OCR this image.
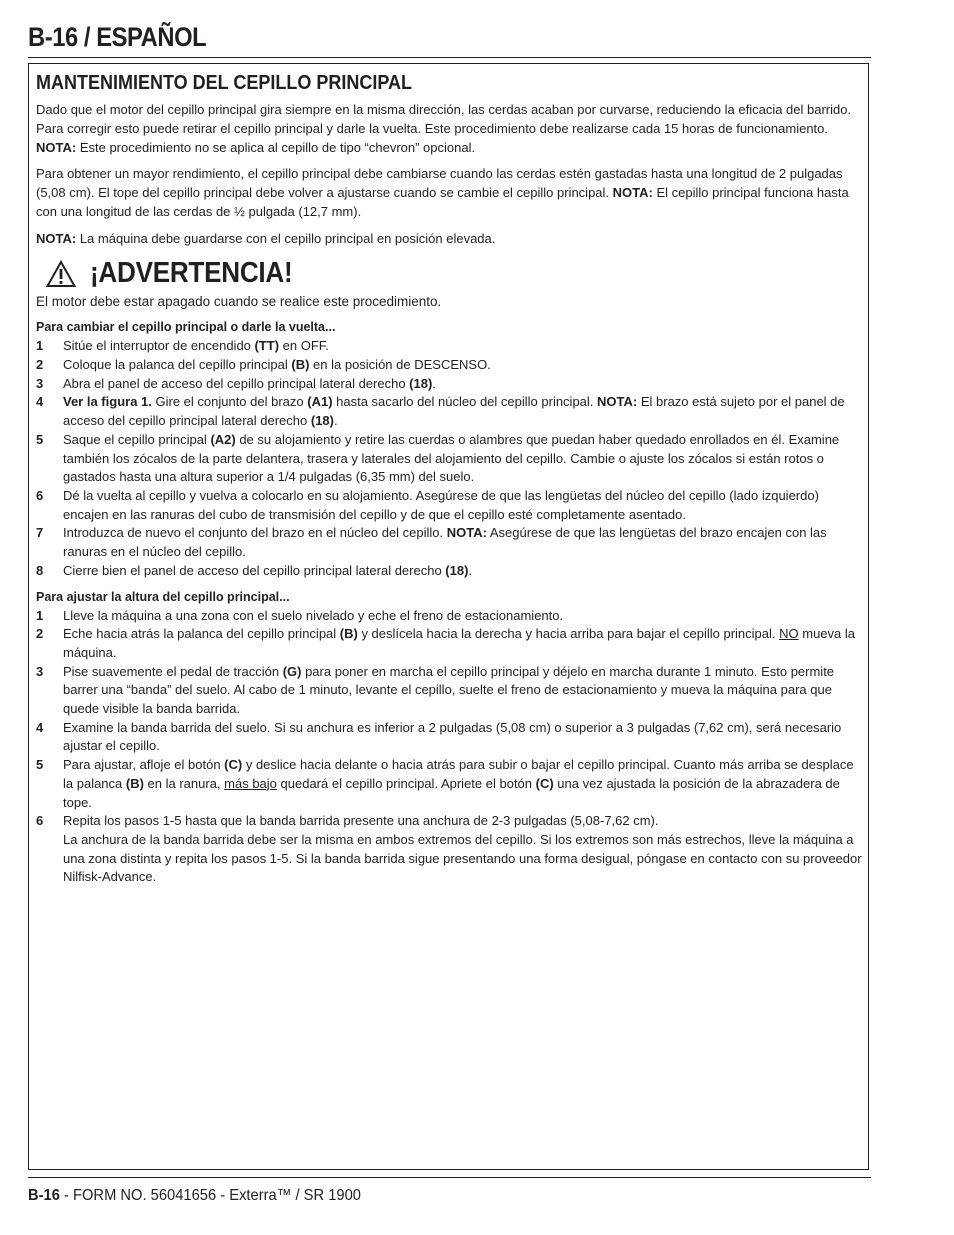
B-16 / ESPAÑOL
MANTENIMIENTO DEL CEPILLO PRINCIPAL

Dado que el motor del cepillo principal gira siempre en la misma dirección, las cerdas acaban por curvarse, reduciendo la eficacia del barrido.

Para corregir esto puede retirar el cepillo principal y darle la vuelta. Este procedimiento debe realizarse cada 15 horas de funcionamiento.

NOTA: Este procedimiento no se aplica al cepillo de tipo “chevron” opcional.

Para obtener un mayor rendimiento, el cepillo principal debe cambiarse cuando las cerdas estén gastadas hasta una longitud de 2 pulgadas (5,08 cm). El tope del cepillo principal debe volver a ajustarse cuando se cambie el cepillo principal. NOTA: El cepillo principal funciona hasta con una longitud de las cerdas de ½ pulgada (12,7 mm).

NOTA: La máquina debe guardarse con el cepillo principal en posición elevada.

¡ADVERTENCIA!

El motor debe estar apagado cuando se realice este procedimiento.

Para cambiar el cepillo principal o darle la vuelta...
1	Sitúe el interruptor de encendido (TT) en OFF.
2	Coloque la palanca del cepillo principal (B) en la posición de DESCENSO.
3	Abra el panel de acceso del cepillo principal lateral derecho (18).
4	Ver la figura 1. Gire el conjunto del brazo (A1) hasta sacarlo del núcleo del cepillo principal. NOTA: El brazo está sujeto por el panel de acceso del cepillo principal lateral derecho (18).
5	Saque el cepillo principal (A2) de su alojamiento y retire las cuerdas o alambres que puedan haber quedado enrollados en él. Examine también los zócalos de la parte delantera, trasera y laterales del alojamiento del cepillo. Cambie o ajuste los zócalos si están rotos o gastados hasta una altura superior a 1/4 pulgadas (6,35 mm) del suelo.
6	Dé la vuelta al cepillo y vuelva a colocarlo en su alojamiento. Asegúrese de que las lengüetas del núcleo del cepillo (lado izquierdo) encajen en las ranuras del cubo de transmisión del cepillo y de que el cepillo esté completamente asentado.
7	Introduzca de nuevo el conjunto del brazo en el núcleo del cepillo. NOTA: Asegúrese de que las lengüetas del brazo encajen con las ranuras en el núcleo del cepillo.
8	Cierre bien el panel de acceso del cepillo principal lateral derecho (18).
Para ajustar la altura del cepillo principal...
1	Lleve la máquina a una zona con el suelo nivelado y eche el freno de estacionamiento.
2	Eche hacia atrás la palanca del cepillo principal (B) y deslícela hacia la derecha y hacia arriba para bajar el cepillo principal. NO mueva la máquina.
3	Pise suavemente el pedal de tracción (G) para poner en marcha el cepillo principal y déjelo en marcha durante 1 minuto. Esto permite barrer una “banda” del suelo. Al cabo de 1 minuto, levante el cepillo, suelte el freno de estacionamiento y mueva la máquina para que quede visible la banda barrida.
4	Examine la banda barrida del suelo. Si su anchura es inferior a 2 pulgadas (5,08 cm) o superior a 3 pulgadas (7,62 cm), será necesario ajustar el cepillo.
5	Para ajustar, afloje el botón (C) y deslice hacia delante o hacia atrás para subir o bajar el cepillo principal. Cuanto más arriba se desplace la palanca (B) en la ranura, más bajo quedará el cepillo principal. Apriete el botón (C) una vez ajustada la posición de la abrazadera de tope.
6	Repita los pasos 1-5 hasta que la banda barrida presente una anchura de 2-3 pulgadas (5,08-7,62 cm).
La anchura de la banda barrida debe ser la misma en ambos extremos del cepillo. Si los extremos son más estrechos, lleve la máquina a una zona distinta y repita los pasos 1-5. Si la banda barrida sigue presentando una forma desigual, póngase en contacto con su proveedor Nilfisk-Advance.
B-16 - FORM NO. 56041656 - Exterra™ / SR 1900
